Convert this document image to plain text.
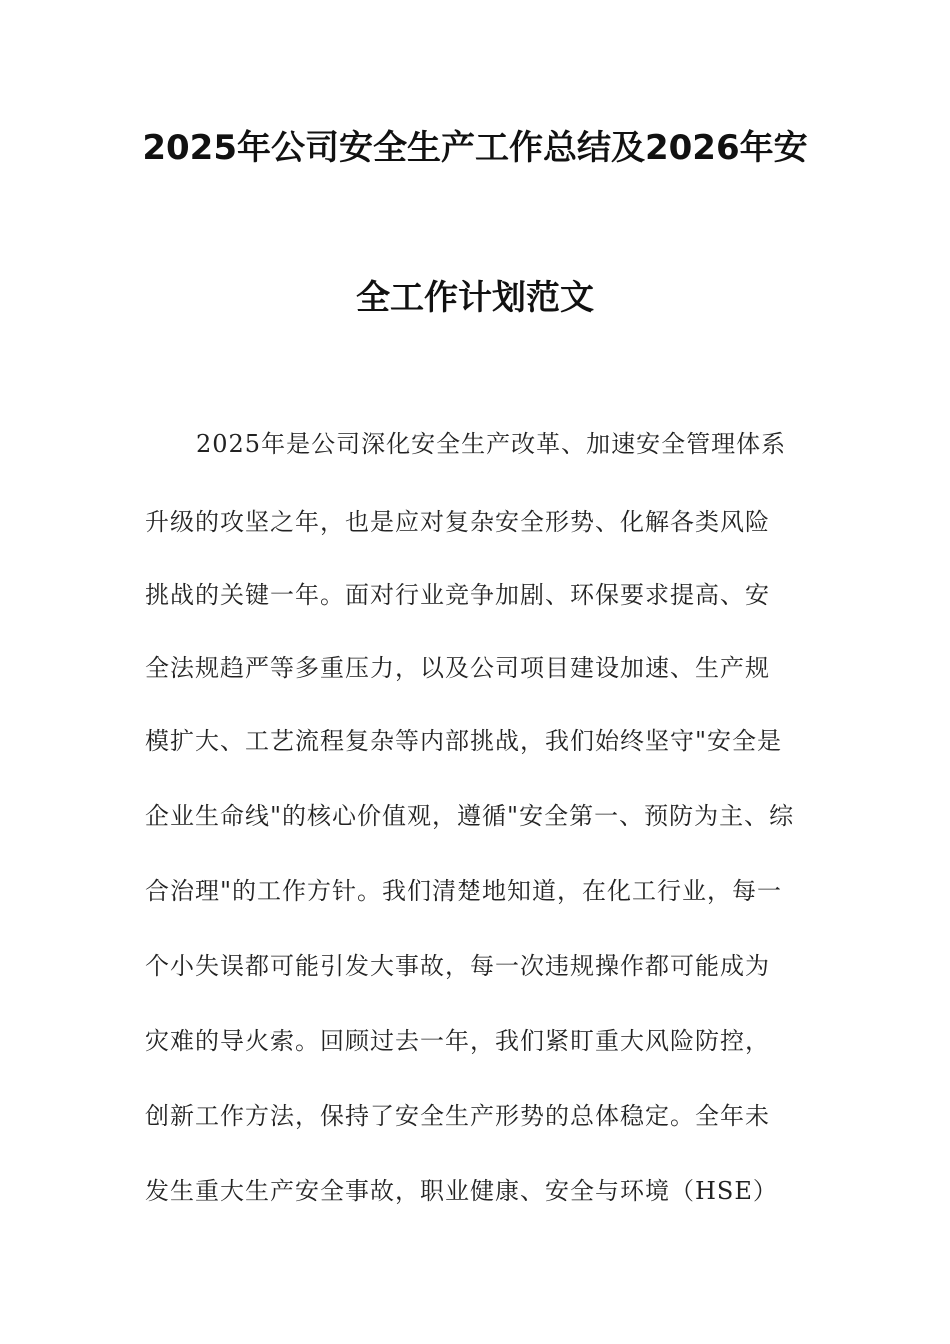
2025年公司安全生产工作总结及2026年安
全工作计划范文
2025年是公司深化安全生产改革、加速安全管理体系
升级的攻坚之年，也是应对复杂安全形势、化解各类风险
挑战的关键一年。面对行业竞争加剧、环保要求提高、安
全法规趋严等多重压力，以及公司项目建设加速、生产规
模扩大、工艺流程复杂等内部挑战，我们始终坚守"安全是
企业生命线"的核心价值观，遵循"安全第一、预防为主、综
合治理"的工作方针。我们清楚地知道，在化工行业，每一
个小失误都可能引发大事故，每一次违规操作都可能成为
灾难的导火索。回顾过去一年，我们紧盯重大风险防控，
创新工作方法，保持了安全生产形势的总体稳定。全年未
发生重大生产安全事故，职业健康、安全与环境（HSE）
